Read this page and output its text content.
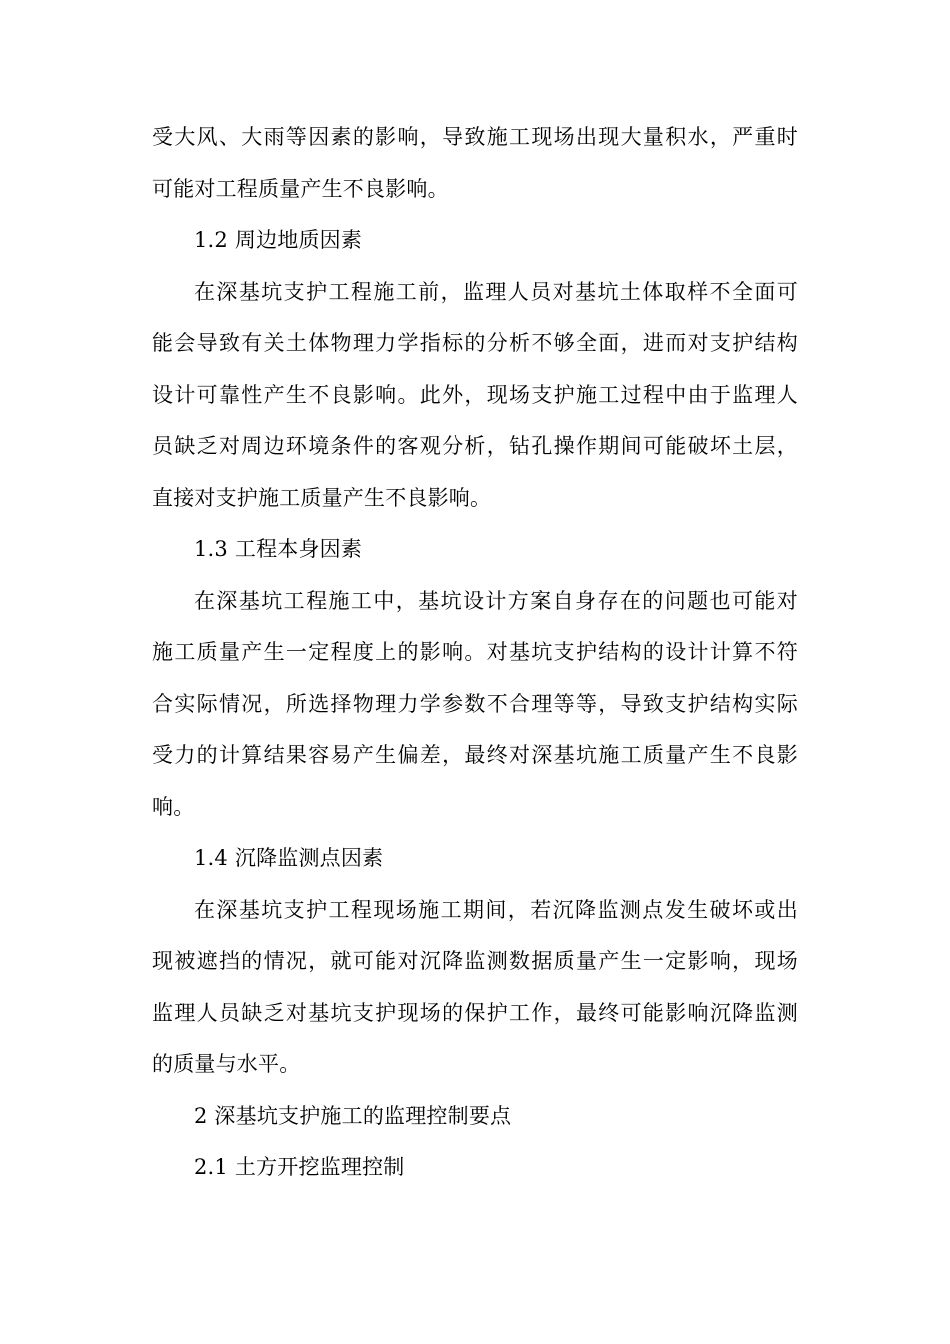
受大风、大雨等因素的影响，导致施工现场出现大量积水，严重时
可能对工程质量产生不良影响。
1.2 周边地质因素
在深基坑支护工程施工前，监理人员对基坑土体取样不全面可
能会导致有关土体物理力学指标的分析不够全面，进而对支护结构
设计可靠性产生不良影响。此外，现场支护施工过程中由于监理人
员缺乏对周边环境条件的客观分析，钻孔操作期间可能破坏土层，
直接对支护施工质量产生不良影响。
1.3 工程本身因素
在深基坑工程施工中，基坑设计方案自身存在的问题也可能对
施工质量产生一定程度上的影响。对基坑支护结构的设计计算不符
合实际情况，所选择物理力学参数不合理等等，导致支护结构实际
受力的计算结果容易产生偏差，最终对深基坑施工质量产生不良影
响。
1.4 沉降监测点因素
在深基坑支护工程现场施工期间，若沉降监测点发生破坏或出
现被遮挡的情况，就可能对沉降监测数据质量产生一定影响，现场
监理人员缺乏对基坑支护现场的保护工作，最终可能影响沉降监测
的质量与水平。
2 深基坑支护施工的监理控制要点
2.1 土方开挖监理控制
